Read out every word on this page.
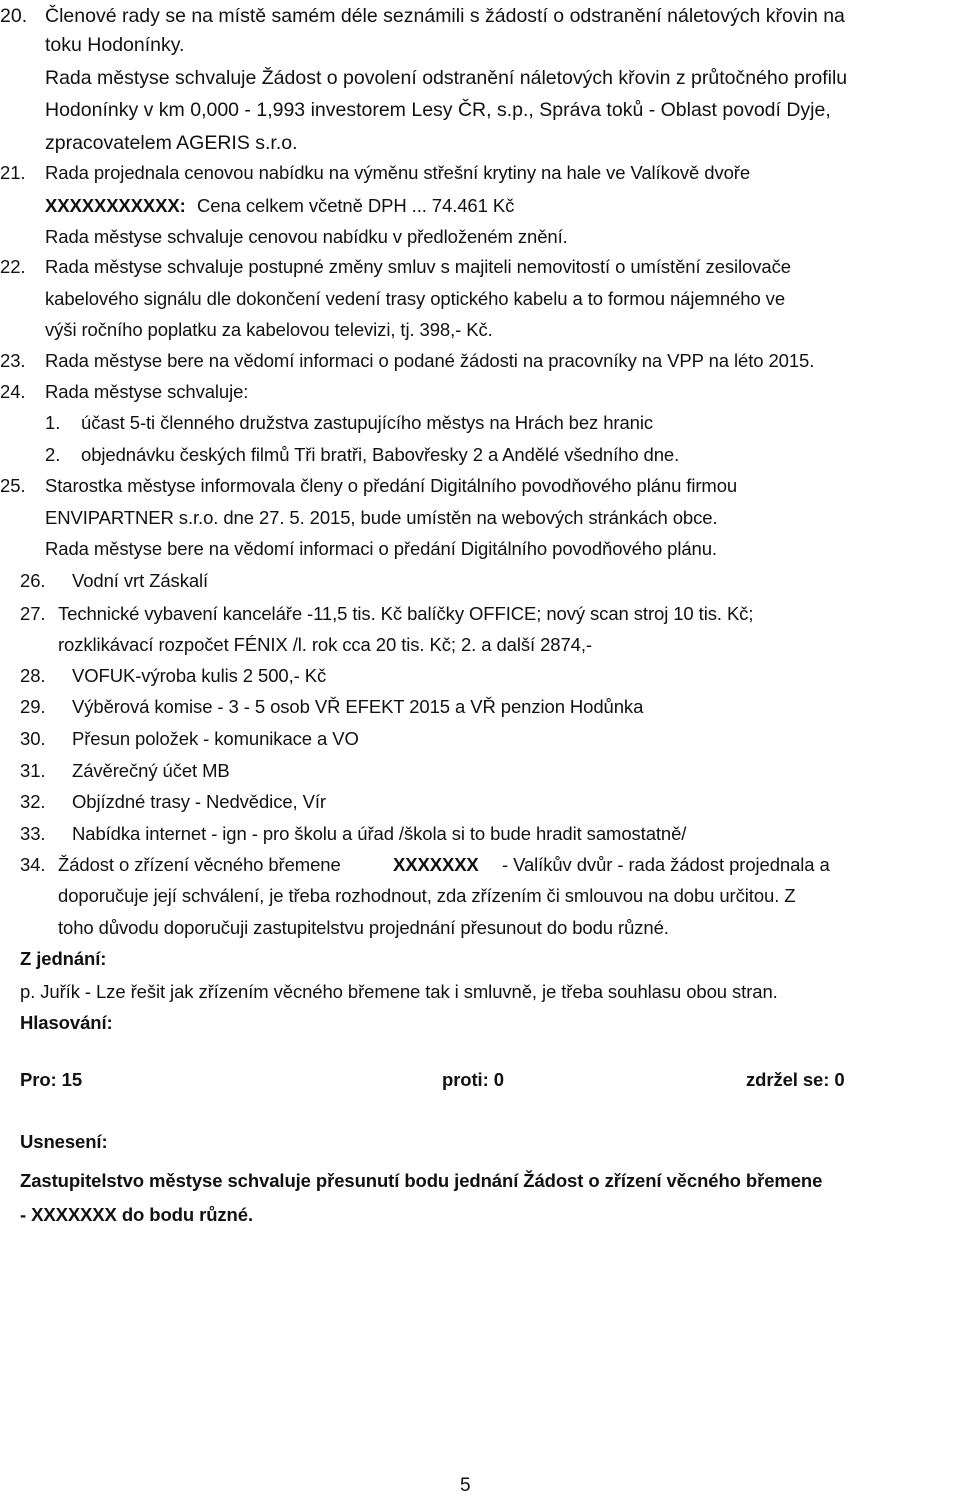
20. Členové rady se na místě samém déle seznámili s žádostí o odstranění náletových křovin na
toku Hodonínky.
Rada městyse schvaluje Žádost o povolení odstranění náletových křovin z průtočného profilu
Hodonínky v km 0,000 - 1,993 investorem Lesy ČR, s.p., Správa toků - Oblast povodí Dyje,
zpracovatelem AGERIS s.r.o.
21. Rada projednala cenovou nabídku na výměnu střešní krytiny na hale ve Valíkově dvoře
XXXXXXXXXXX: Cena celkem včetně DPH ... 74.461 Kč
Rada městyse schvaluje cenovou nabídku v předloženém znění.
22. Rada městyse schvaluje postupné změny smluv s majiteli nemovitostí o umístění zesilovače
kabelového signálu dle dokončení vedení trasy optického kabelu a to formou nájemného ve
výši ročního poplatku za kabelovou televizi, tj. 398,- Kč.
23. Rada městyse bere na vědomí informaci o podané žádosti na pracovníky na VPP na léto 2015.
24. Rada městyse schvaluje:
1. účast 5-ti členného družstva zastupujícího městys na Hrách bez hranic
2. objednávku českých filmů Tři bratři, Babovřesky 2 a Andělé všedního dne.
25. Starostka městyse informovala členy o předání Digitálního povodňového plánu firmou
ENVIPARTNER s.r.o. dne 27. 5. 2015, bude umístěn na webových stránkách obce.
Rada městyse bere na vědomí informaci o předání Digitálního povodňového plánu.
26. Vodní vrt Záskalí
27. Technické vybavení kanceláře -11,5 tis. Kč balíčky OFFICE; nový scan stroj 10 tis. Kč;
rozklikávací rozpočet FÉNIX /l. rok cca 20 tis. Kč; 2. a další 2874,-
28. VOFUK-výroba kulis 2 500,- Kč
29. Výběrová komise - 3 - 5 osob VŘ EFEKT 2015 a VŘ penzion Hodůnka
30. Přesun položek - komunikace a VO
31. Závěrečný účet MB
32. Objízdné trasy - Nedvědice, Vír
33. Nabídka internet - ign - pro školu a úřad /škola si to bude hradit samostatně/
34. Žádost o zřízení věcného břemene	XXXXXXX - Valíkův dvůr - rada žádost projednala a
doporučuje její schválení, je třeba rozhodnout, zda zřízením či smlouvou na dobu určitou. Z
toho důvodu doporučuji zastupitelstvu projednání přesunout do bodu různé.
Z jednání:
p. Juřík - Lze řešit jak zřízením věcného břemene tak i smluvně, je třeba souhlasu obou stran.
Hlasování:
Pro: 15	proti: 0	zdržel se: 0
Usnesení:
Zastupitelstvo městyse schvaluje přesunutí bodu jednání Žádost o zřízení věcného břemene
- XXXXXXX do bodu různé.
5
